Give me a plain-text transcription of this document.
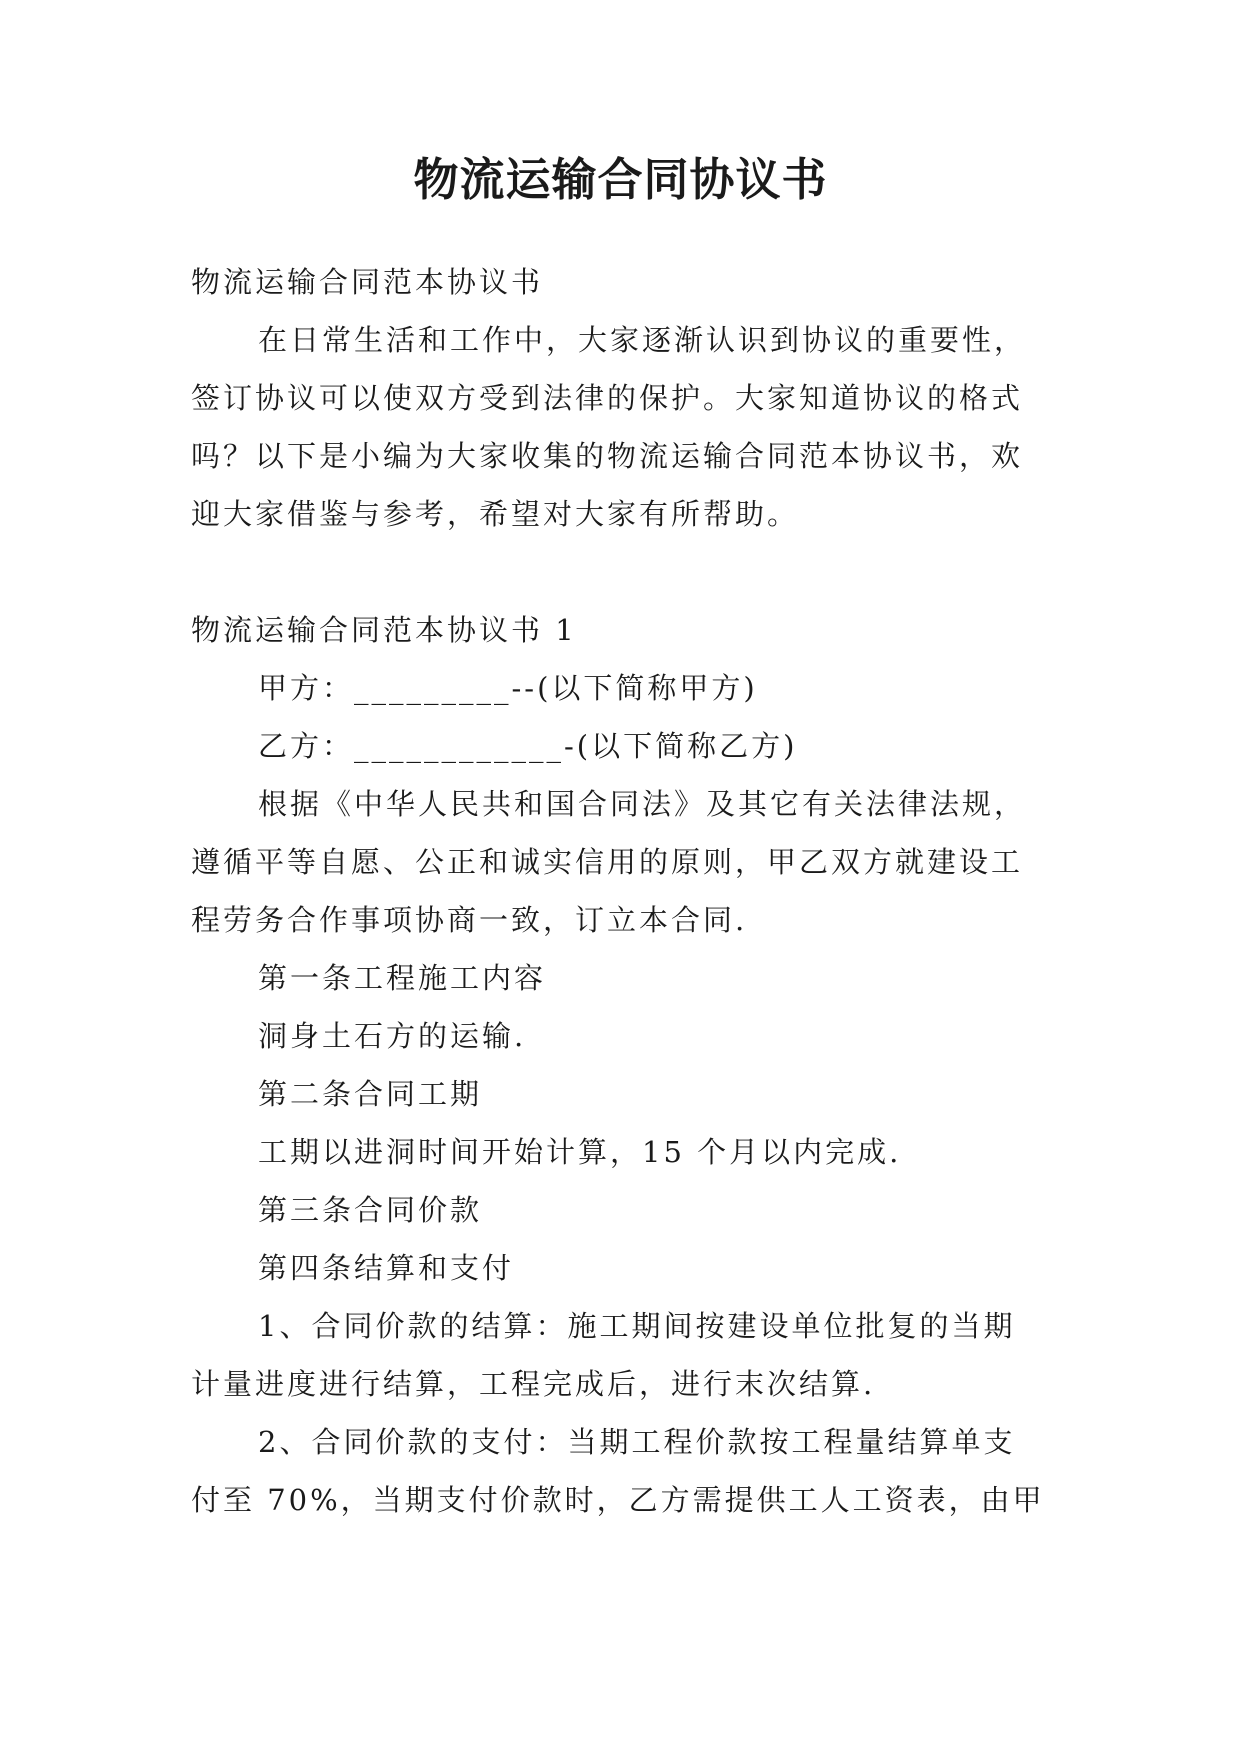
物流运输合同协议书
物流运输合同范本协议书
在日常生活和工作中，大家逐渐认识到协议的重要性，
签订协议可以使双方受到法律的保护。大家知道协议的格式
吗？以下是小编为大家收集的物流运输合同范本协议书，欢
迎大家借鉴与参考，希望对大家有所帮助。
物流运输合同范本协议书 1
甲方：_________--(以下简称甲方)
乙方：____________-(以下简称乙方)
根据《中华人民共和国合同法》及其它有关法律法规，
遵循平等自愿、公正和诚实信用的原则，甲乙双方就建设工
程劳务合作事项协商一致，订立本合同.
第一条工程施工内容
洞身土石方的运输.
第二条合同工期
工期以进洞时间开始计算，15 个月以内完成.
第三条合同价款
第四条结算和支付
1、合同价款的结算：施工期间按建设单位批复的当期
计量进度进行结算，工程完成后，进行末次结算.
2、合同价款的支付：当期工程价款按工程量结算单支
付至 70%，当期支付价款时，乙方需提供工人工资表，由甲
